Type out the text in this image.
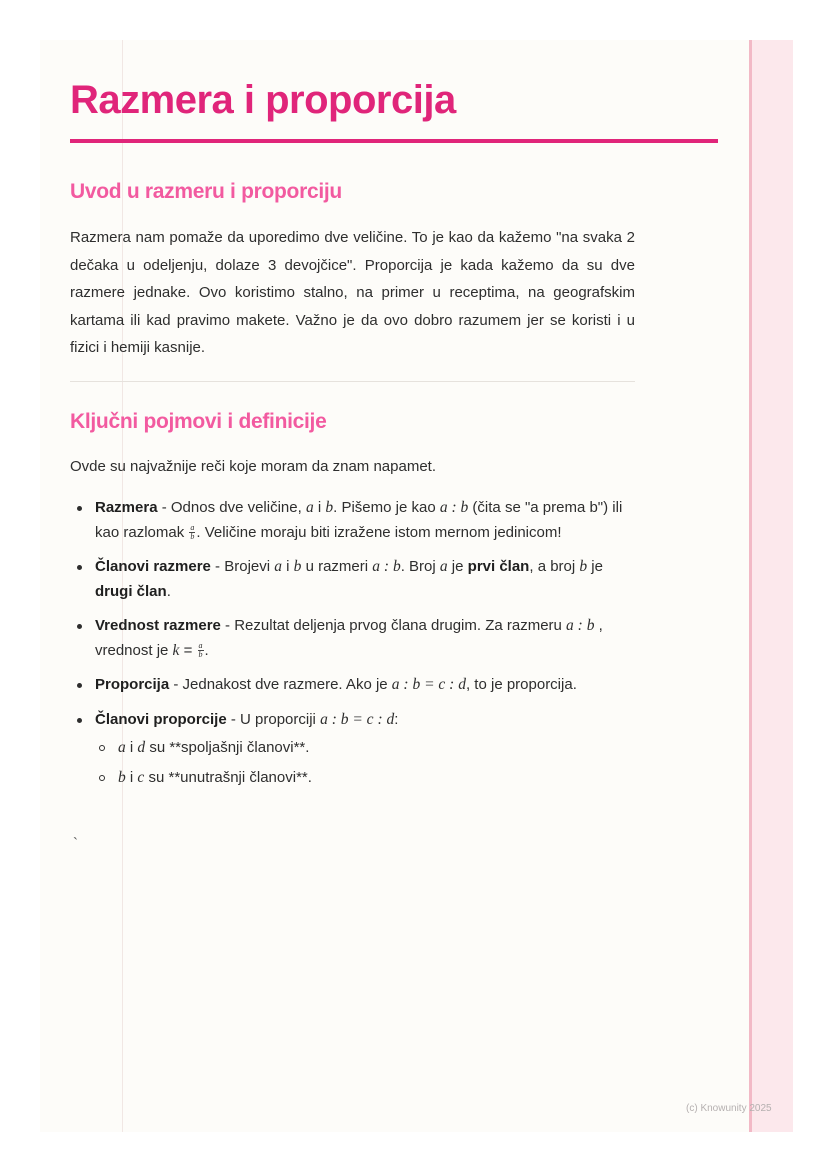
Razmera i proporcija
Uvod u razmeru i proporciju

Razmera nam pomaže da uporedimo dve veličine. To je kao da kažemo "na svaka 2 dečaka u odeljenju, dolaze 3 devojčice". Proporcija je kada kažemo da su dve razmere jednake. Ovo koristimo stalno, na primer u receptima, na geografskim kartama ili kad pravimo makete. Važno je da ovo dobro razumem jer se koristi i u fizici i hemiji kasnije.

Ključni pojmovi i definicije

Ovde su najvažnije reči koje moram da znam napamet.

Razmera - Odnos dve veličine, a i b. Pišemo je kao a : b (čita se "a prema b") ili kao razlomak $\frac{a}{b}$ . Veličine moraju biti izražene istom mernom jedinicom!
Članovi razmere - Brojevi a i b u razmeri a : b. Broj a je prvi član, a broj b je drugi član.
Vrednost razmere - Rezultat deljenja prvog člana drugim. Za razmeru a : b , vrednost je $k = \frac{a}{b}$ .
Proporcija - Jednakost dve razmere. Ako je a : b = c : d, to je proporcija.
Članovi proporcije - U proporciji a : b = c : d:
a i d su **spoljašnji članovi**.
b i c su **unutrašnji članovi**.
`
(c) Knowunity 2025
